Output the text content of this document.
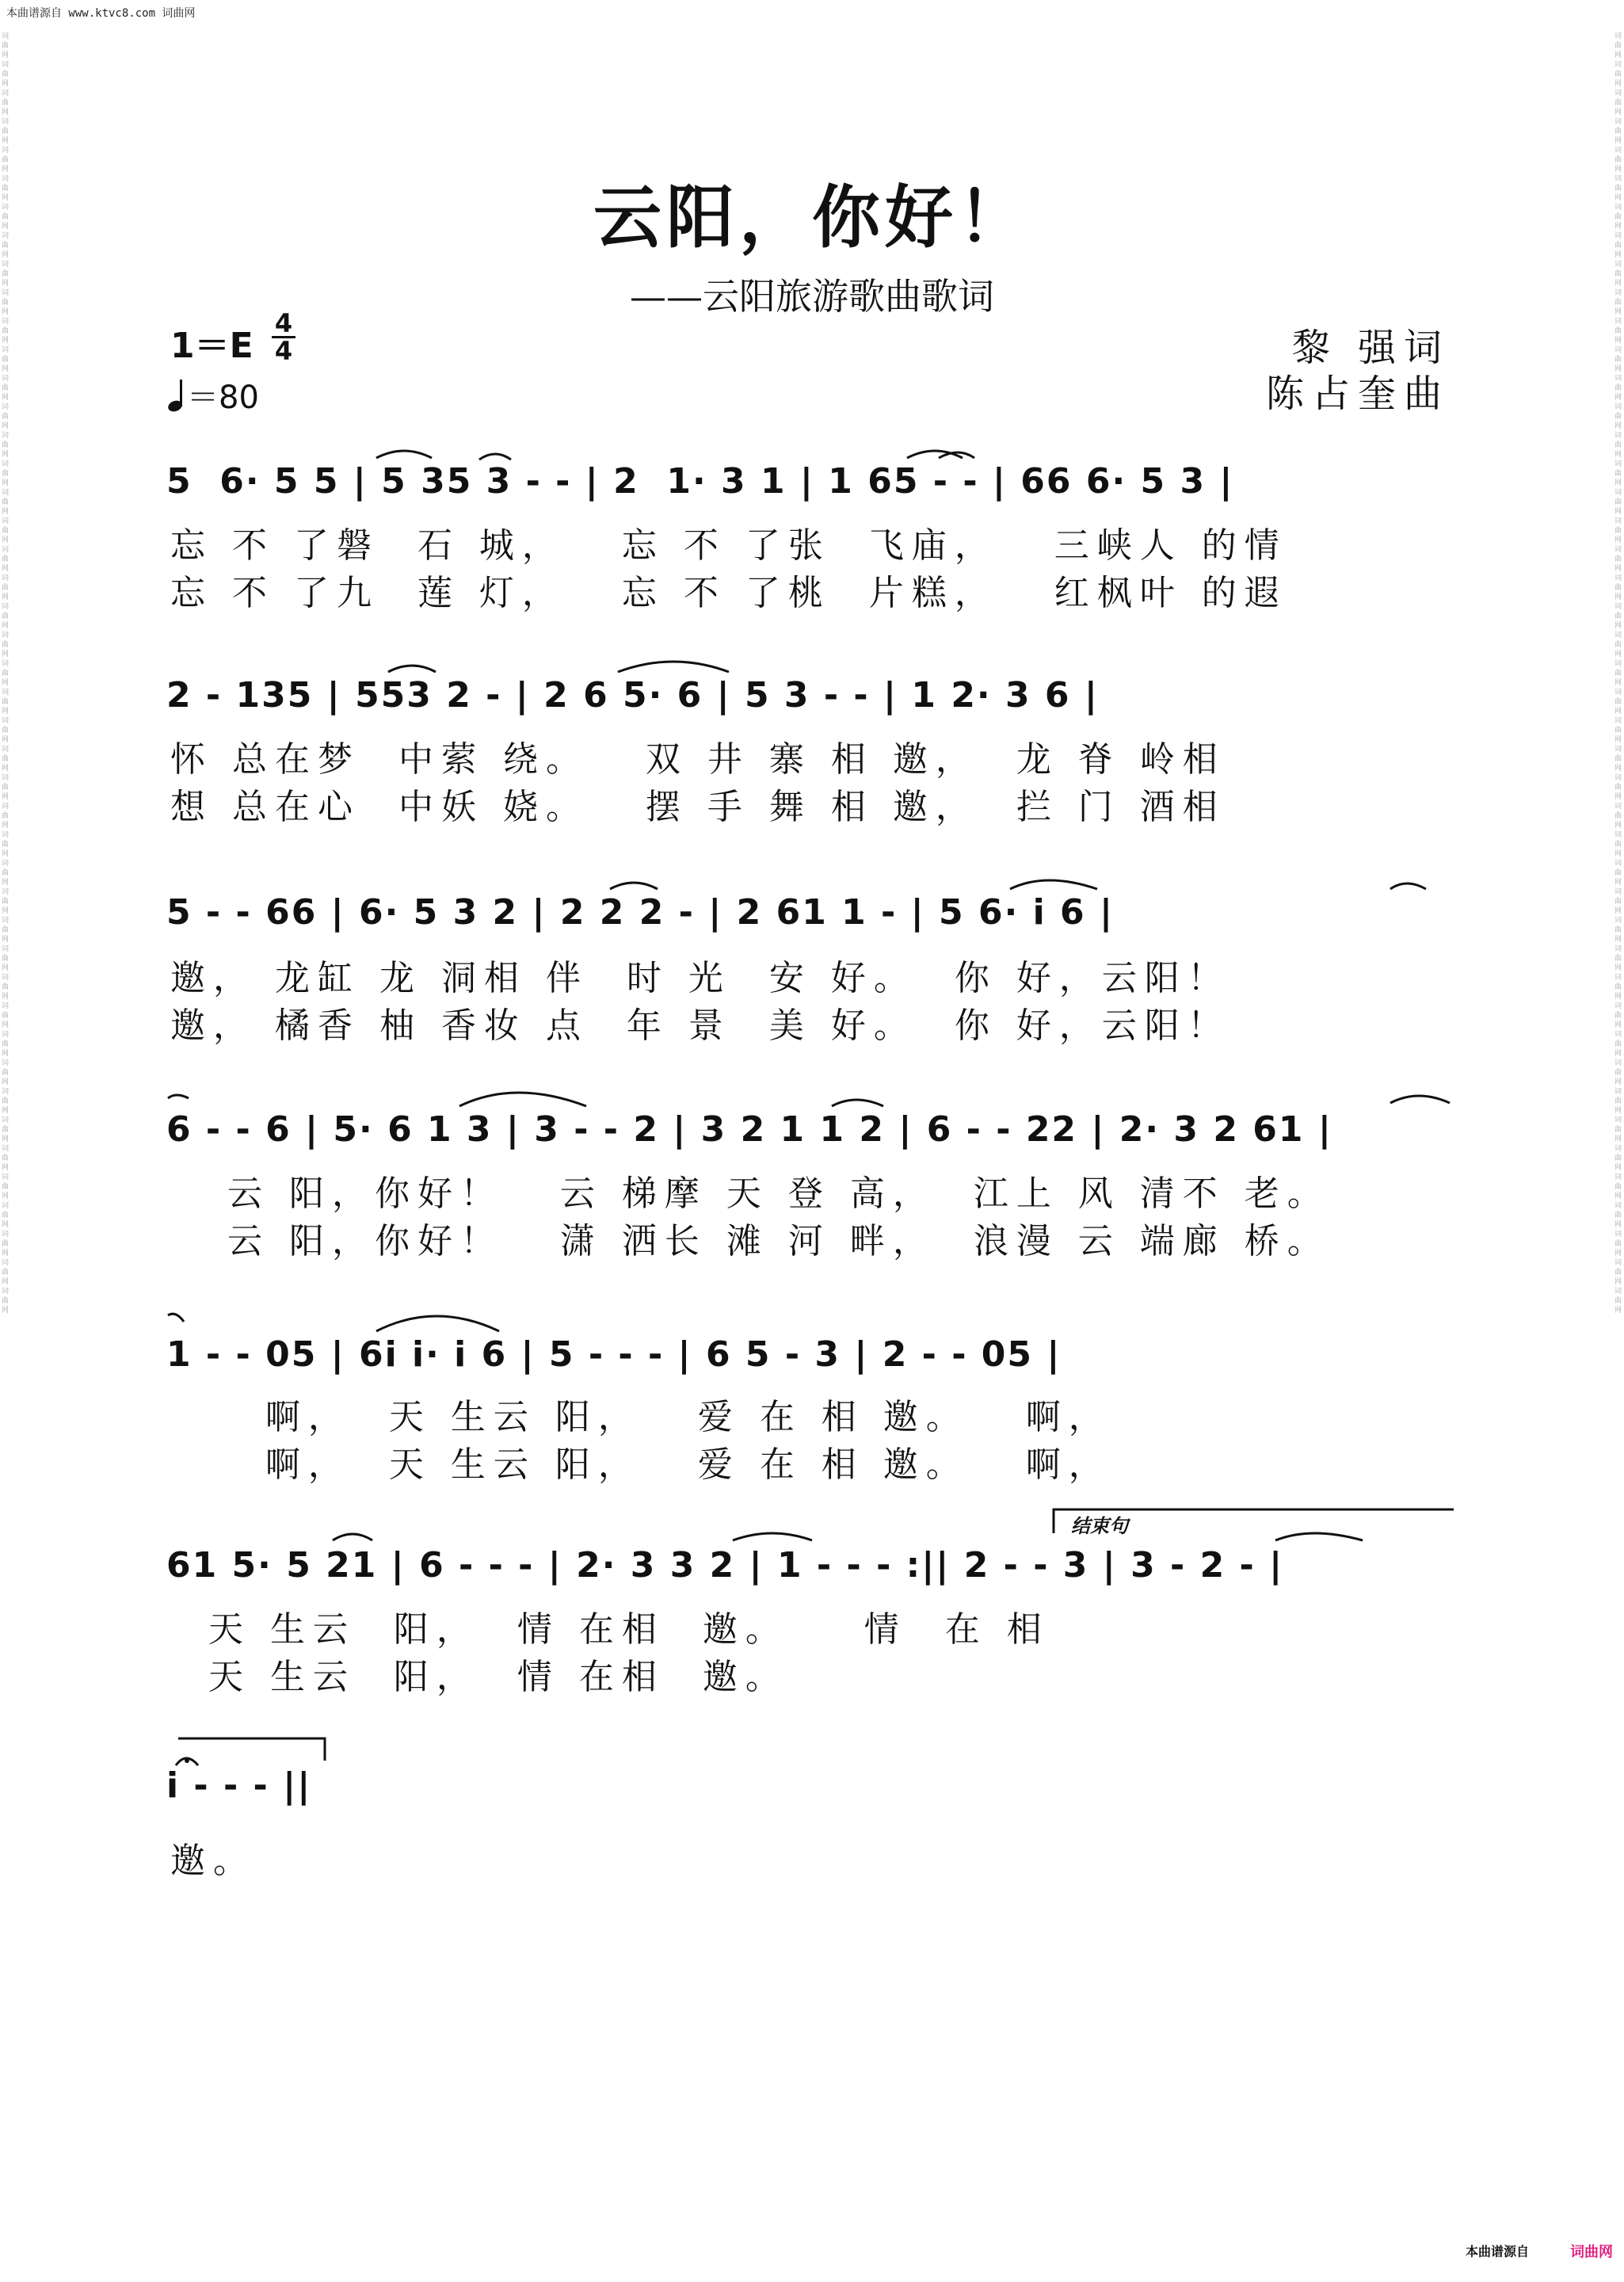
本曲谱源自 www.ktvc8.com 词曲网
词曲网词曲网词曲网词曲网词曲网词曲网词曲网词曲网词曲网词曲网词曲网词曲网词曲网词曲网词曲网词曲网词曲网词曲网词曲网词曲网词曲网词曲网词曲网词曲网词曲网词曲网词曲网词曲网词曲网词曲网词曲网词曲网词曲网词曲网词曲网词曲网词曲网词曲网词曲网词曲网词曲网词曲网词曲网词曲网词曲网
词曲网词曲网词曲网词曲网词曲网词曲网词曲网词曲网词曲网词曲网词曲网词曲网词曲网词曲网词曲网词曲网词曲网词曲网词曲网词曲网词曲网词曲网词曲网词曲网词曲网词曲网词曲网词曲网词曲网词曲网词曲网词曲网词曲网词曲网词曲网词曲网词曲网词曲网词曲网词曲网词曲网词曲网词曲网词曲网词曲网
云阳，你好！
——云阳旅游歌曲歌词
1＝E
4
4
＝80
黎 强词
陈占奎曲
5  6· 5 5 | 5 35 3 - - | 2  1· 3 1 | 1 65 - - | 66 6· 5 3 |
忘 不 了磐  石 城，   忘 不 了张  飞庙，   三峡人 的情
忘 不 了九  莲 灯，   忘 不 了桃  片糕，   红枫叶 的遐
2 - 135 | 553 2 - | 2 6 5· 6 | 5 3 - - | 1 2· 3 6 |
怀 总在梦  中萦 绕。   双 井 寨 相 邀，  龙 脊 岭相
想 总在心  中妖 娆。   摆 手 舞 相 邀，  拦 门 酒相
5 - - 66 | 6· 5 3 2 | 2 2 2 - | 2 61 1 - | 5 6· i 6 |
邀， 龙缸 龙 洞相 伴  时 光  安 好。  你 好，云阳！
邀， 橘香 柚 香妆 点  年 景  美 好。  你 好，云阳！
6 - - 6 | 5· 6 1 3 | 3 - - 2 | 3 2 1 1 2 | 6 - - 22 | 2· 3 2 61 |
云 阳，你好！   云 梯摩 天 登 高，  江上 风 清不 老。
云 阳，你好！   潇 洒长 滩 河 畔，  浪漫 云 端廊 桥。
1 - - 05 | 6i i· i 6 | 5 - - - | 6 5 - 3 | 2 - - 05 |
啊，  天 生云 阳，   爱 在 相 邀。   啊，
啊，  天 生云 阳，   爱 在 相 邀。   啊，
结束句
61 5· 5 21 | 6 - - - | 2· 3 3 2 | 1 - - - :|| 2 - - 3 | 3 - 2 - |
天 生云  阳，  情 在相  邀。    情  在 相
天 生云  阳，  情 在相  邀。
i - - - ||
邀。
本曲谱源自	词曲网
